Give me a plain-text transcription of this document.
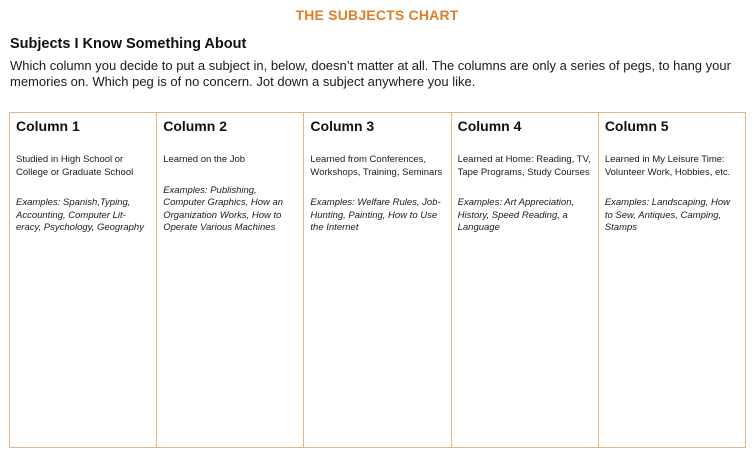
THE SUBJECTS CHART
Subjects I Know Something About
Which column you decide to put a subject in, below, doesn’t matter at all. The columns are only a series of pegs, to hang your memories on. Which peg is of no concern. Jot down a subject anywhere you like.
Column 1
Studied in High School or College or Graduate School
Examples: Spanish,Typing, Accounting, Computer Lit-eracy, Psychology, Geography
Column 2
Learned on the Job
Examples: Publishing, Computer Graphics, How an Organization Works, How to Operate Various Machines
Column 3
Learned from Conferences, Workshops, Training, Seminars
Examples: Welfare Rules, Job-Hunting, Painting, How to Use the Internet
Column 4
Learned at Home: Reading, TV, Tape Programs, Study Courses
Examples: Art Appreciation, History, Speed Reading, a Language
Column 5
Learned in My Leisure Time: Volunteer Work, Hobbies, etc.
Examples: Landscaping, How to Sew, Antiques, Camping, Stamps
